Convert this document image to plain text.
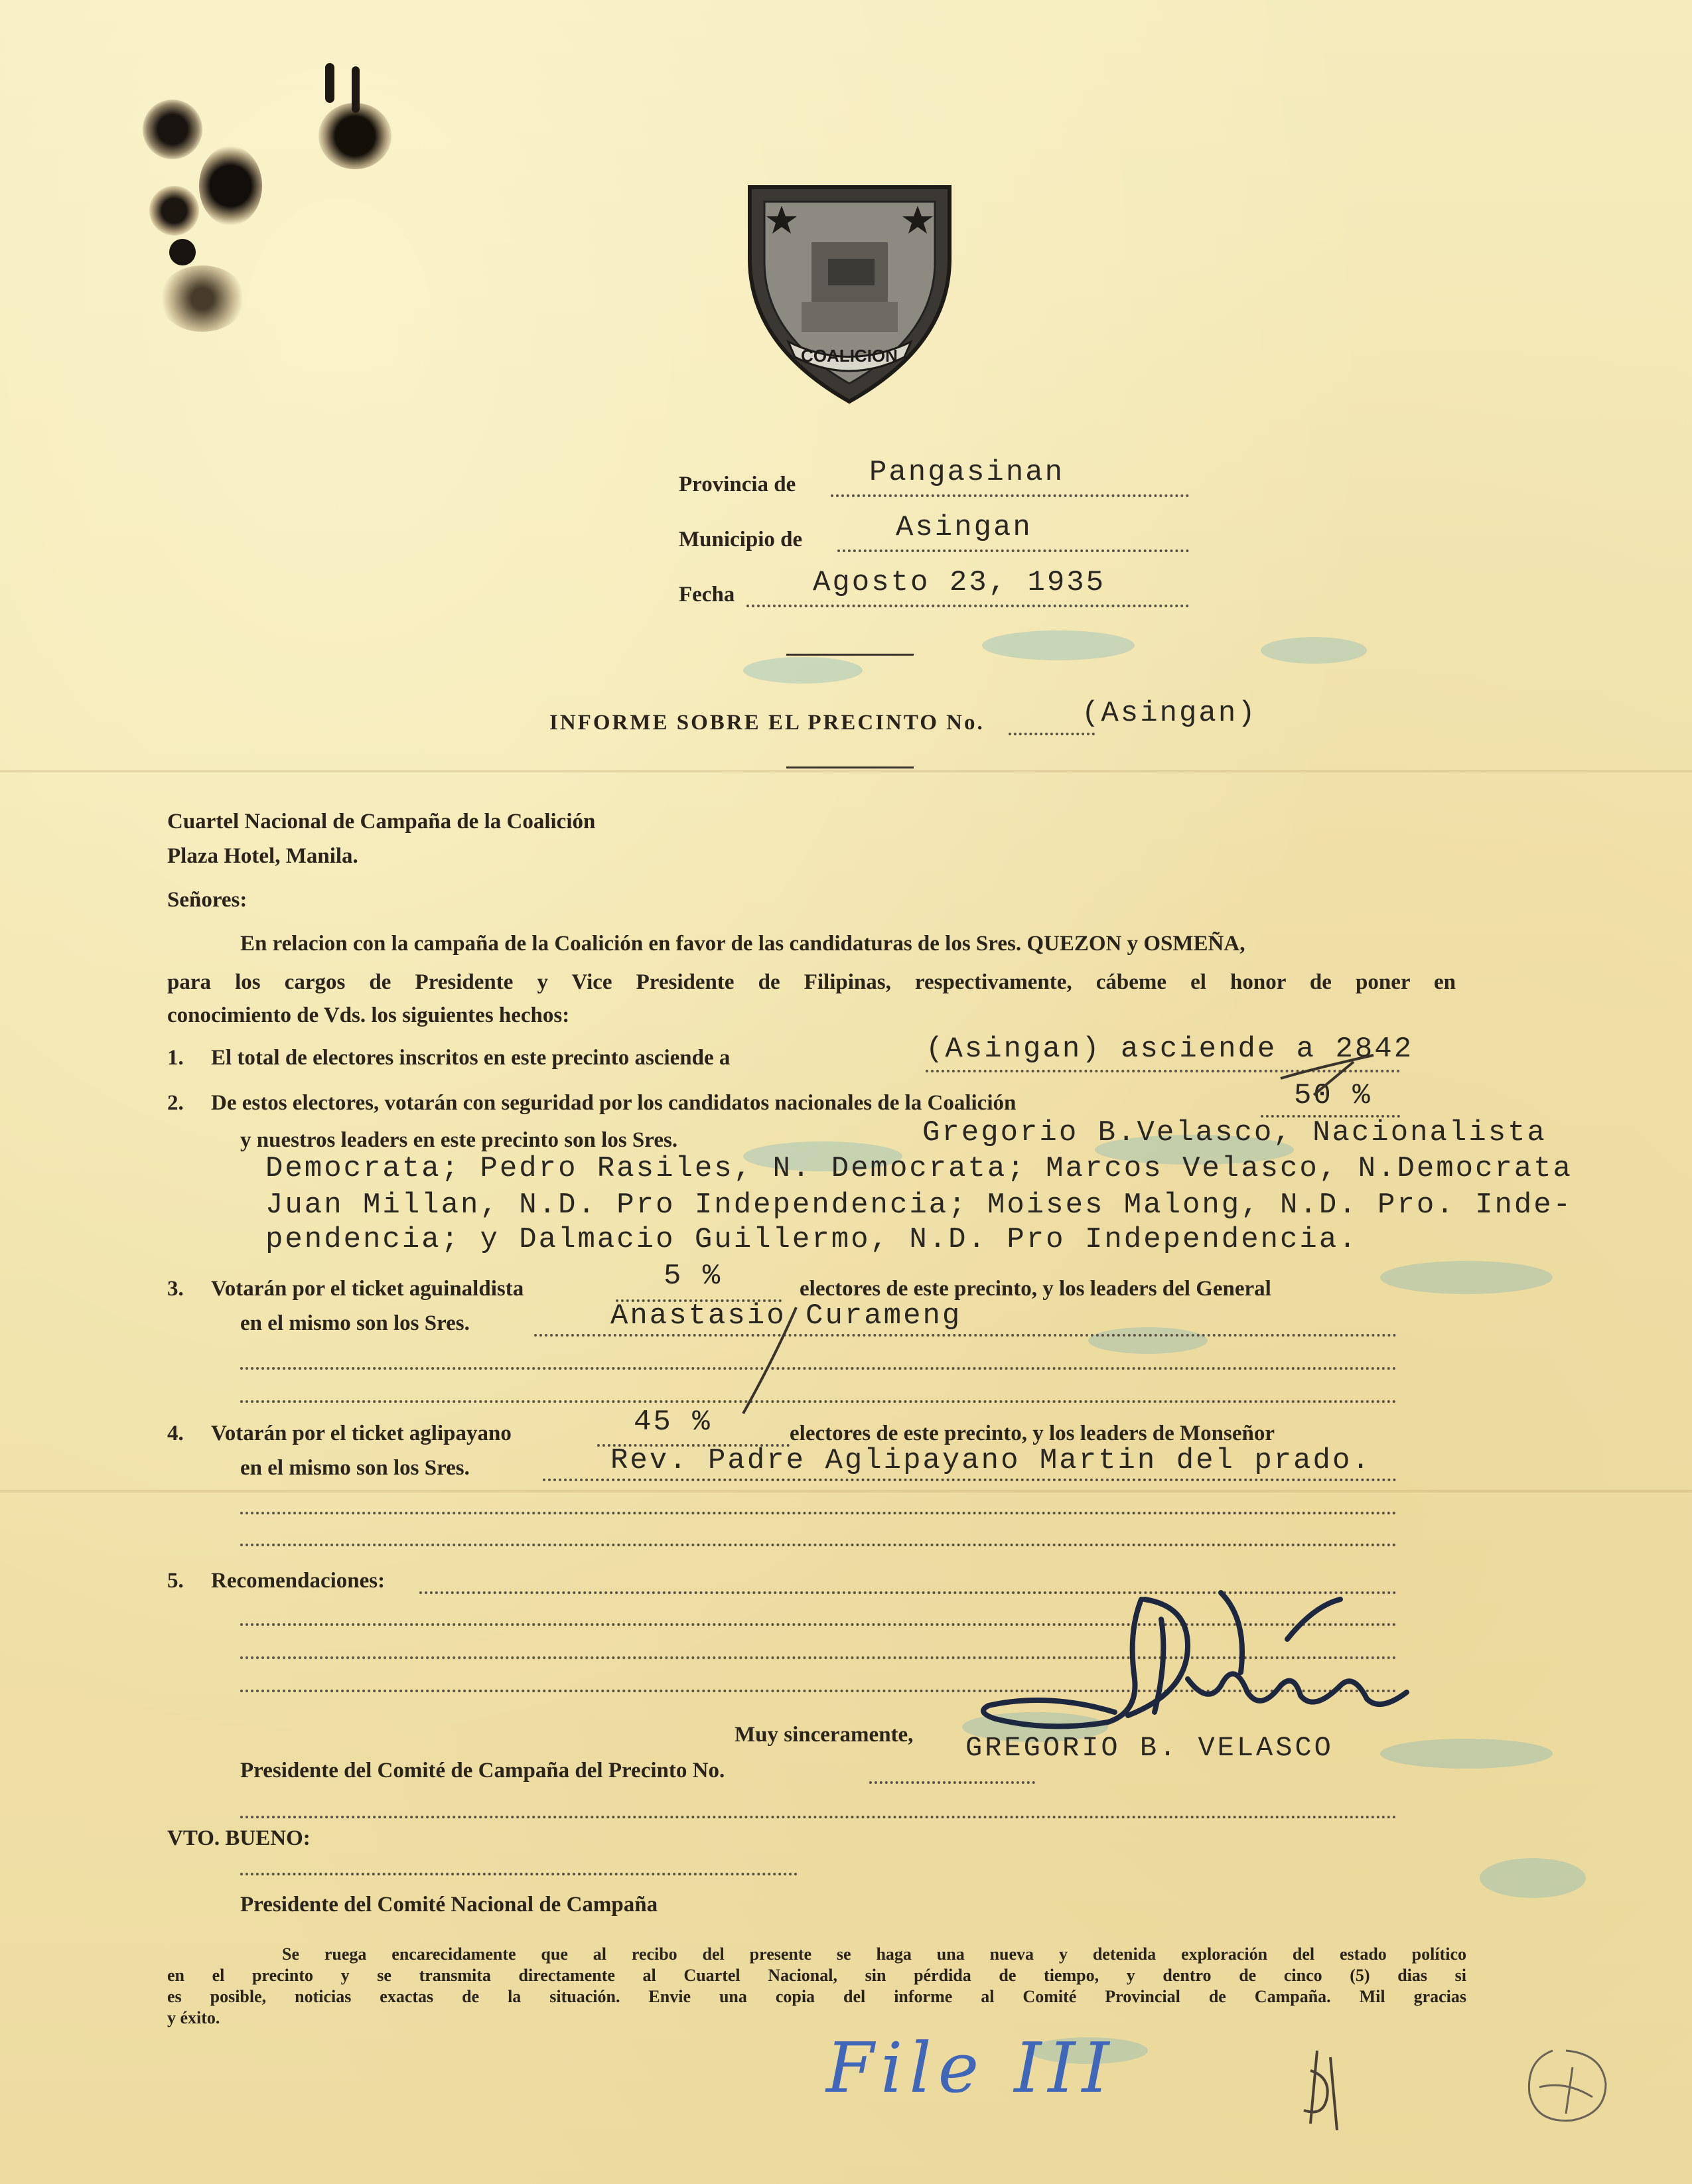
COALICION
Provincia de	Pangasinan
Municipio de	Asingan
Fecha	Agosto 23, 1935
INFORME SOBRE EL PRECINTO No.	(Asingan)
Cuartel Nacional de Campaña de la Coalición
Plaza Hotel, Manila.
Señores:
En relacion con la campaña de la Coalición en favor de las candidaturas de los Sres. QUEZON y OSMEÑA,
para los cargos de Presidente y Vice Presidente de Filipinas, respectivamente, cábeme el honor de poner en
conocimiento de Vds. los siguientes hechos:
1. El total de electores inscritos en este precinto asciende a	(Asingan) asciende a 2842
2. De estos electores, votarán con seguridad por los candidatos nacionales de la Coalición	50 %
y nuestros leaders en este precinto son los Sres.	Gregorio B.Velasco, Nacionalista
Democrata; Pedro Rasiles, N. Democrata; Marcos Velasco, N.Democrata
Juan Millan, N.D. Pro Independencia; Moises Malong, N.D. Pro. Inde-
pendencia; y Dalmacio Guillermo, N.D. Pro Independencia.
3. Votarán por el ticket aguinaldista	5 %	electores de este precinto, y los leaders del General
en el mismo son los Sres.	Anastasio Curameng
4. Votarán por el ticket aglipayano	45 %	electores de este precinto, y los leaders de Monseñor
en el mismo son los Sres.	Rev. Padre Aglipayano Martin del prado.
5. Recomendaciones:
Muy sinceramente, GREGORIO B. VELASCO
Presidente del Comité de Campaña del Precinto No.
VTO. BUENO:
Presidente del Comité Nacional de Campaña
Se ruega encarecidamente que al recibo del presente se haga una nueva y detenida exploración del estado político
en el precinto y se transmita directamente al Cuartel Nacional, sin pérdida de tiempo, y dentro de cinco (5) dias si
es posible, noticias exactas de la situación. Envie una copia del informe al Comité Provincial de Campaña. Mil gracias
y éxito.
File III
